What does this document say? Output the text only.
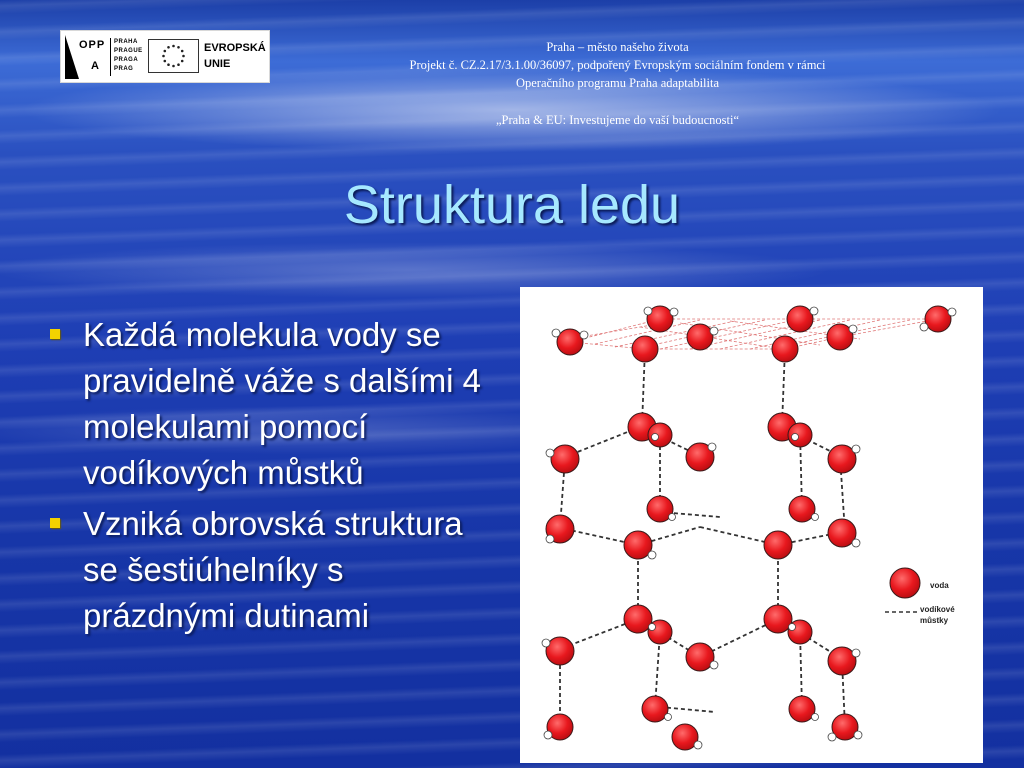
OPP
A
PRAHA
PRAGUE
PRAGA
PRAG
EVROPSKÁ
UNIE
Praha – město našeho života
Projekt č. CZ.2.17/3.1.00/36097, podpořený Evropským sociálním fondem v rámci
Operačního programu Praha adaptabilita
„Praha & EU: Investujeme do vaší budoucnosti“
Struktura ledu
Každá molekula vody se pravidelně váže s dalšími 4 molekulami pomocí vodíkových můstků
Vzniká obrovská struktura se šestiúhelníky s prázdnými dutinami
voda
vodíkové
můstky
